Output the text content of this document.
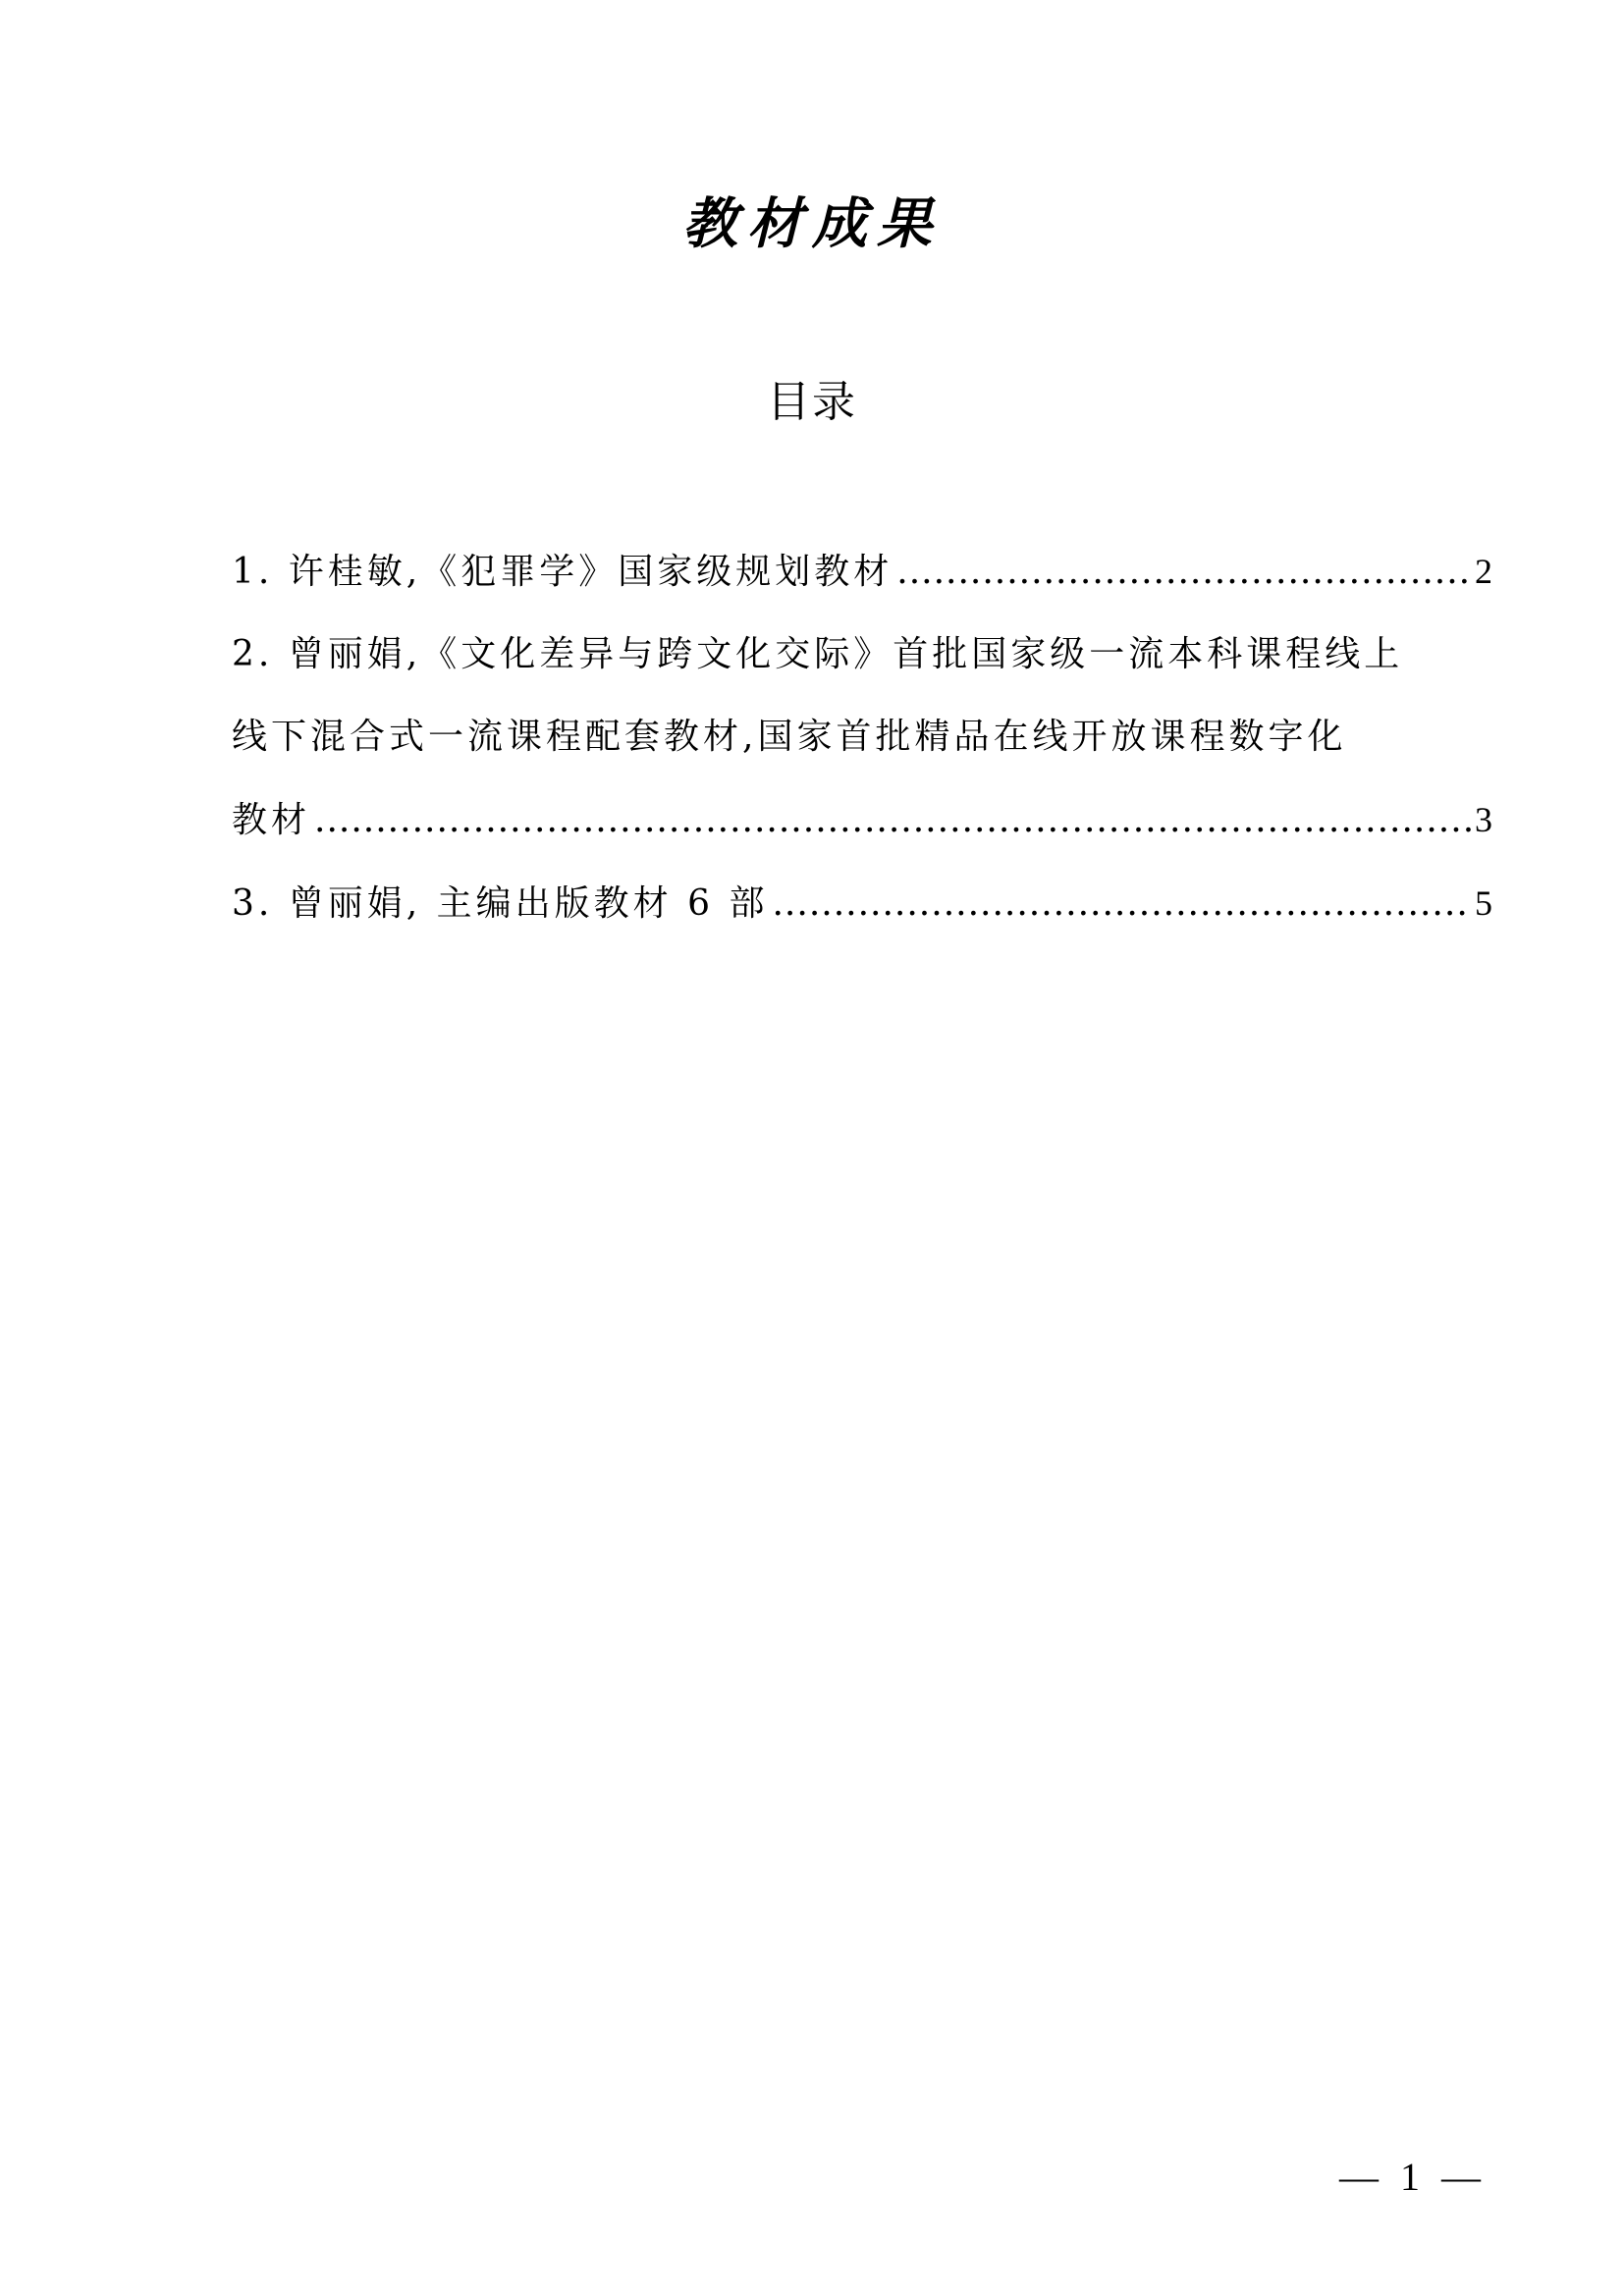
教材成果
目录
1. 许桂敏,《犯罪学》国家级规划教材 .....	2
2. 曾丽娟,《文化差异与跨文化交际》首批国家级一流本科课程线上
线下混合式一流课程配套教材,国家首批精品在线开放课程数字化
教材 .....	3
3. 曾丽娟, 主编出版教材 6 部 .....	5
— 1 —
